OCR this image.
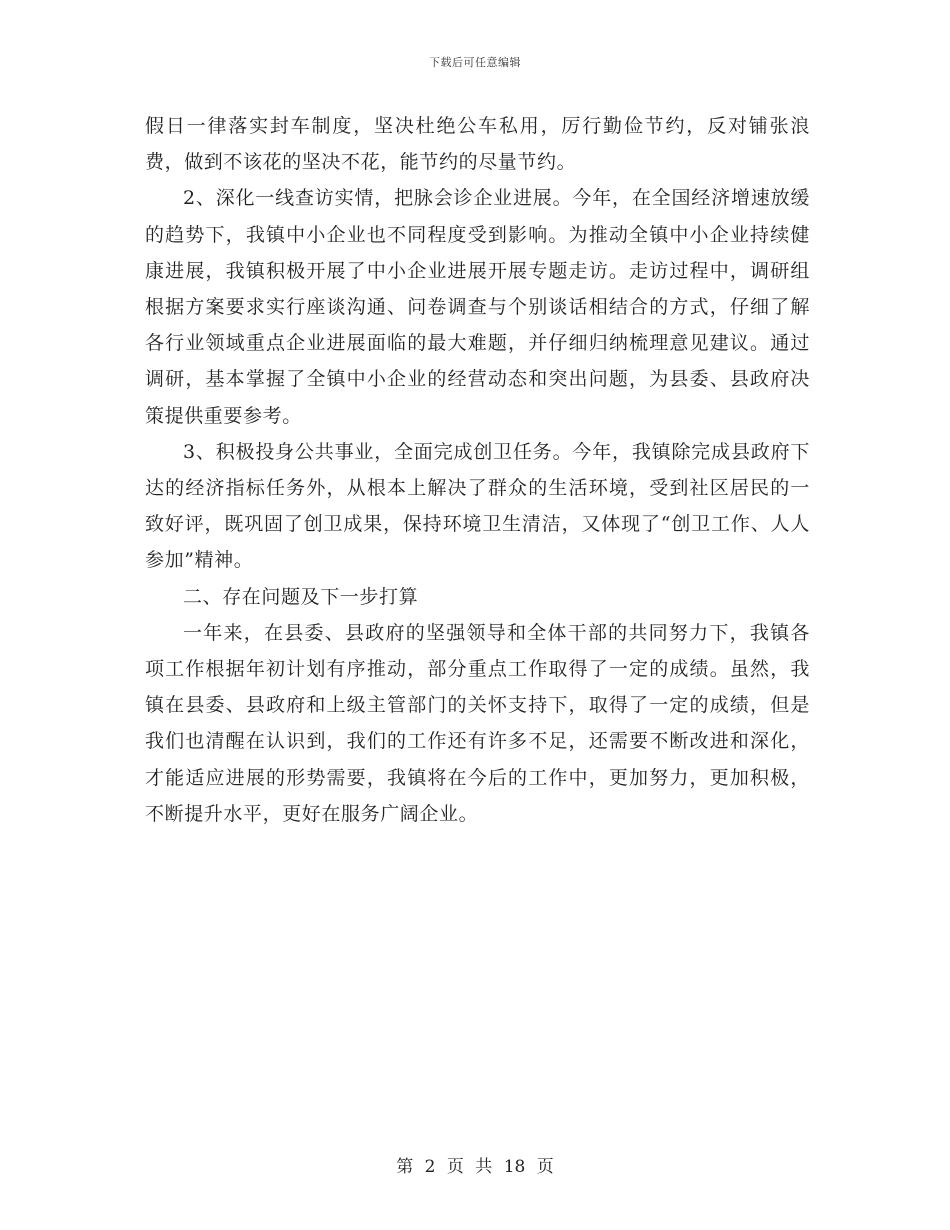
下载后可任意编辑

假日一律落实封车制度，坚决杜绝公车私用，厉行勤俭节约，反对铺张浪费，做到不该花的坚决不花，能节约的尽量节约。

2、深化一线查访实情，把脉会诊企业进展。今年，在全国经济增速放缓的趋势下，我镇中小企业也不同程度受到影响。为推动全镇中小企业持续健康进展，我镇积极开展了中小企业进展开展专题走访。走访过程中，调研组根据方案要求实行座谈沟通、问卷调查与个别谈话相结合的方式，仔细了解各行业领域重点企业进展面临的最大难题，并仔细归纳梳理意见建议。通过调研，基本掌握了全镇中小企业的经营动态和突出问题，为县委、县政府决策提供重要参考。

3、积极投身公共事业，全面完成创卫任务。今年，我镇除完成县政府下达的经济指标任务外，从根本上解决了群众的生活环境，受到社区居民的一致好评，既巩固了创卫成果，保持环境卫生清洁，又体现了“创卫工作、人人参加”精神。

二、存在问题及下一步打算

一年来，在县委、县政府的坚强领导和全体干部的共同努力下，我镇各项工作根据年初计划有序推动，部分重点工作取得了一定的成绩。虽然，我镇在县委、县政府和上级主管部门的关怀支持下，取得了一定的成绩，但是我们也清醒在认识到，我们的工作还有许多不足，还需要不断改进和深化，才能适应进展的形势需要，我镇将在今后的工作中，更加努力，更加积极，不断提升水平，更好在服务广阔企业。

第 2 页 共 18 页
